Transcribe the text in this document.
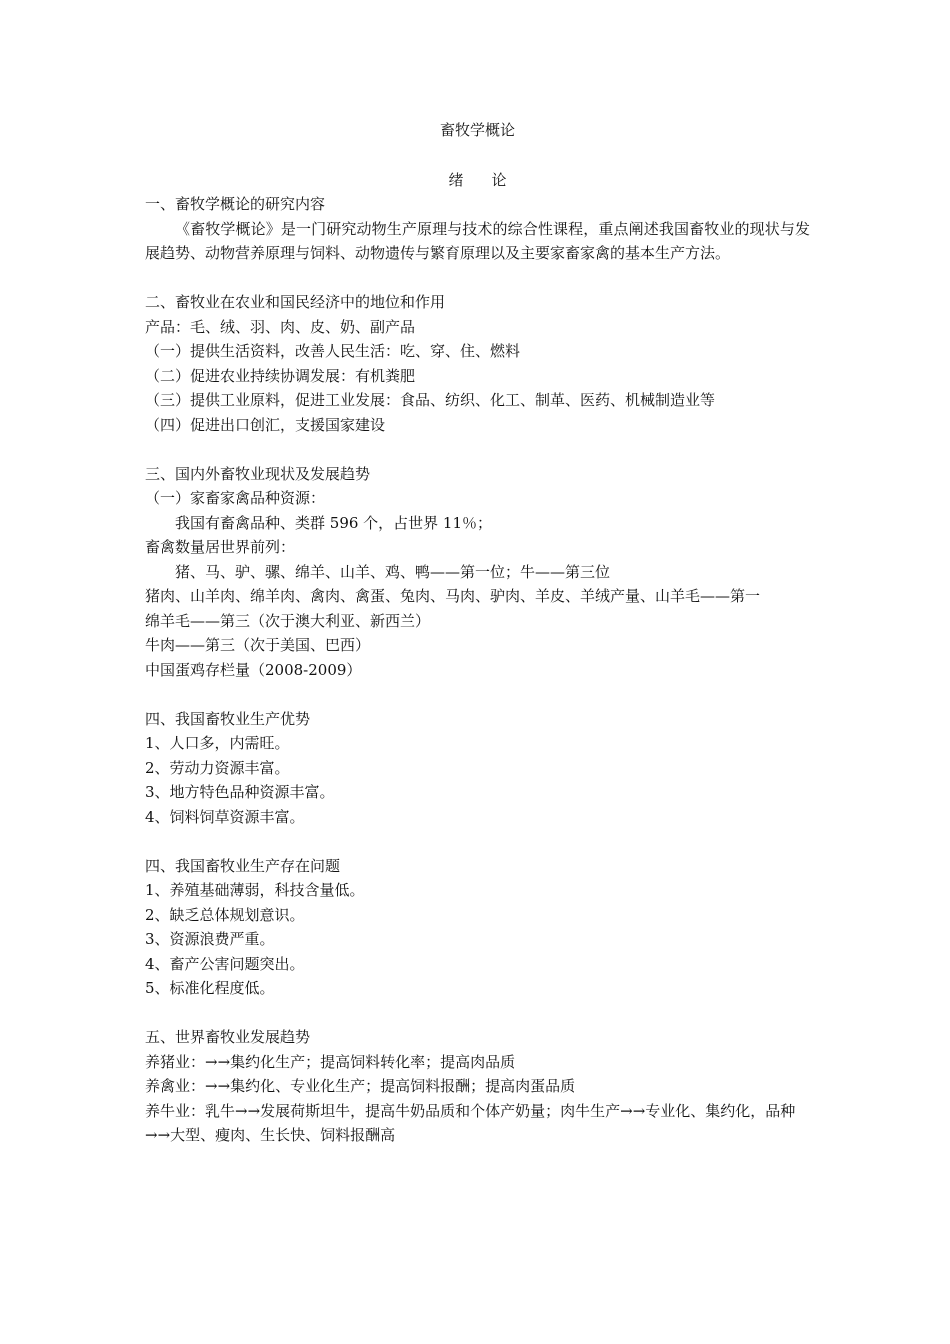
畜牧学概论
绪论

一、畜牧学概论的研究内容

《畜牧学概论》是一门研究动物生产原理与技术的综合性课程，重点阐述我国畜牧业的现状与发展趋势、动物营养原理与饲料、动物遗传与繁育原理以及主要家畜家禽的基本生产方法。

二、畜牧业在农业和国民经济中的地位和作用

产品：毛、绒、羽、肉、皮、奶、副产品

（一）提供生活资料，改善人民生活：吃、穿、住、燃料

（二）促进农业持续协调发展：有机粪肥

（三）提供工业原料，促进工业发展：食品、纺织、化工、制革、医药、机械制造业等

（四）促进出口创汇，支援国家建设

三、国内外畜牧业现状及发展趋势

（一）家畜家禽品种资源：

我国有畜禽品种、类群 596 个，占世界 11％；

畜禽数量居世界前列：

猪、马、驴、骡、绵羊、山羊、鸡、鸭——第一位；牛——第三位

猪肉、山羊肉、绵羊肉、禽肉、禽蛋、兔肉、马肉、驴肉、羊皮、羊绒产量、山羊毛——第一

绵羊毛——第三（次于澳大利亚、新西兰）

牛肉——第三（次于美国、巴西）

中国蛋鸡存栏量（2008-2009）

四、我国畜牧业生产优势

1、人口多，内需旺。

2、劳动力资源丰富。

3、地方特色品种资源丰富。

4、饲料饲草资源丰富。

四、我国畜牧业生产存在问题

1、养殖基础薄弱，科技含量低。

2、缺乏总体规划意识。

3、资源浪费严重。

4、畜产公害问题突出。

5、标准化程度低。

五、世界畜牧业发展趋势

养猪业：→→集约化生产；提高饲料转化率；提高肉品质

养禽业：→→集约化、专业化生产；提高饲料报酬；提高肉蛋品质

养牛业：乳牛→→发展荷斯坦牛，提高牛奶品质和个体产奶量；肉牛生产→→专业化、集约化，品种→→大型、瘦肉、生长快、饲料报酬高
